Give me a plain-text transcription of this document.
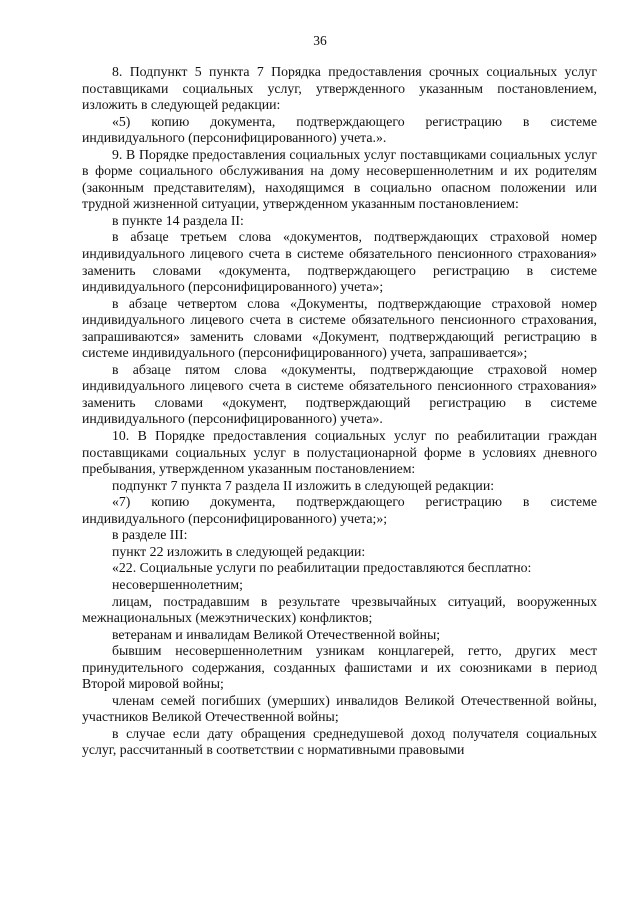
36

8. Подпункт 5 пункта 7 Порядка предоставления срочных социальных услуг поставщиками социальных услуг, утвержденного указанным постановлением, изложить в следующей редакции:

«5) копию документа, подтверждающего регистрацию в системе индивидуального (персонифицированного) учета.».

9. В Порядке предоставления социальных услуг поставщиками социальных услуг в форме социального обслуживания на дому несовершеннолетним и их родителям (законным представителям), находящимся в социально опасном положении или трудной жизненной ситуации, утвержденном указанным постановлением:

в пункте 14 раздела II:

в абзаце третьем слова «документов, подтверждающих страховой номер индивидуального лицевого счета в системе обязательного пенсионного страхования» заменить словами «документа, подтверждающего регистрацию в системе индивидуального (персонифицированного) учета»;

в абзаце четвертом слова «Документы, подтверждающие страховой номер индивидуального лицевого счета в системе обязательного пенсионного страхования, запрашиваются» заменить словами «Документ, подтверждающий регистрацию в системе индивидуального (персонифицированного) учета, запрашивается»;

в абзаце пятом слова «документы, подтверждающие страховой номер индивидуального лицевого счета в системе обязательного пенсионного страхования» заменить словами «документ, подтверждающий регистрацию в системе индивидуального (персонифицированного) учета».

10. В Порядке предоставления социальных услуг по реабилитации граждан поставщиками социальных услуг в полустационарной форме в условиях дневного пребывания, утвержденном указанным постановлением:

подпункт 7 пункта 7 раздела II изложить в следующей редакции:

«7) копию документа, подтверждающего регистрацию в системе индивидуального (персонифицированного) учета;»;

в разделе III:

пункт 22 изложить в следующей редакции:

«22. Социальные услуги по реабилитации предоставляются бесплатно:

несовершеннолетним;

лицам, пострадавшим в результате чрезвычайных ситуаций, вооруженных межнациональных (межэтнических) конфликтов;

ветеранам и инвалидам Великой Отечественной войны;

бывшим несовершеннолетним узникам концлагерей, гетто, других мест принудительного содержания, созданных фашистами и их союзниками в период Второй мировой войны;

членам семей погибших (умерших) инвалидов Великой Отечественной войны, участников Великой Отечественной войны;

в случае если дату обращения среднедушевой доход получателя социальных услуг, рассчитанный в соответствии с нормативными правовыми
